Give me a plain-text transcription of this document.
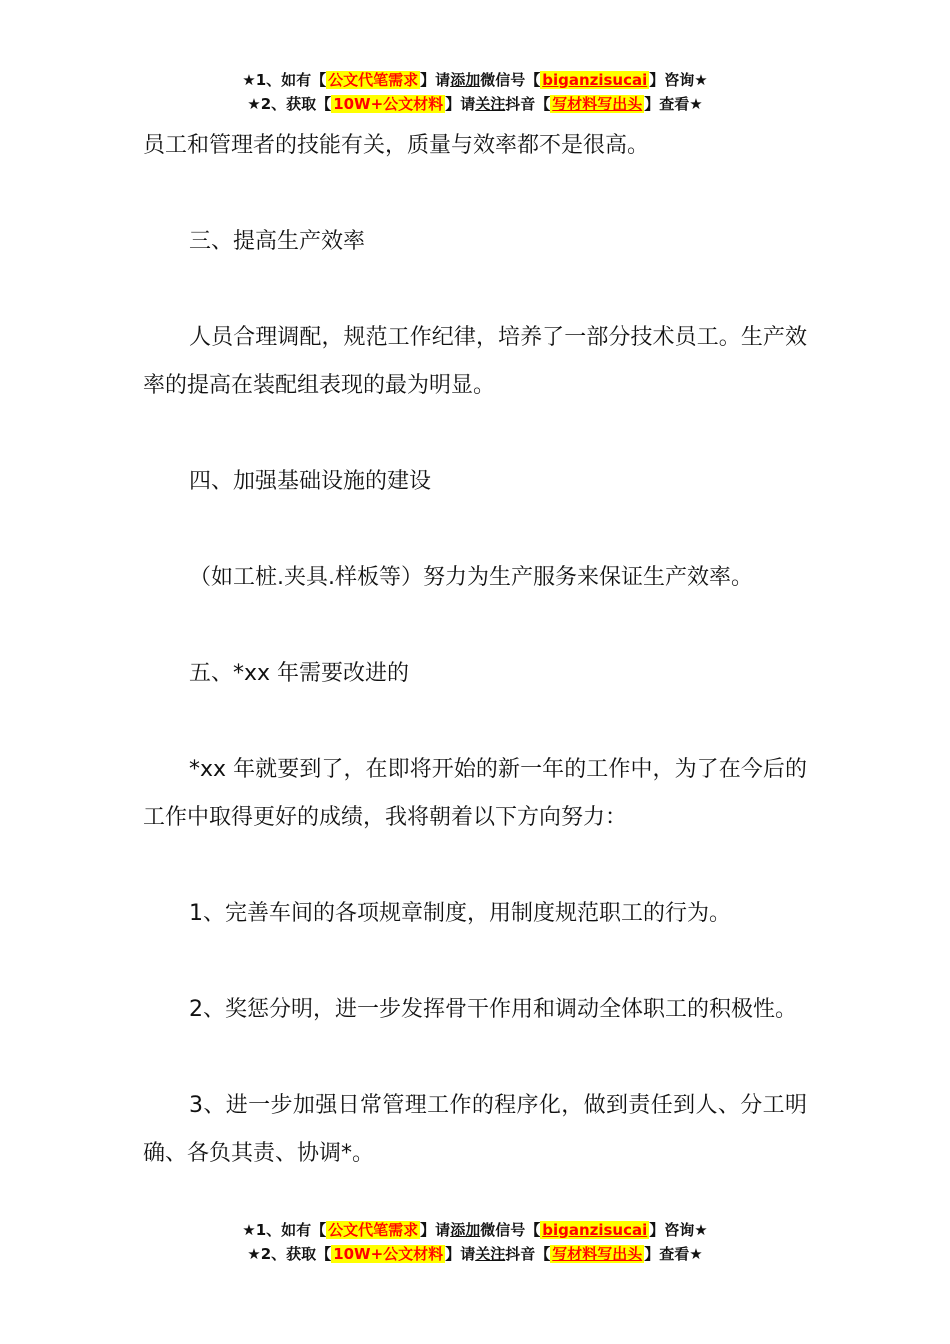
★1、如有【 公文代笔需求 】请添加微信号【 biganzisucai 】咨询★
★2、获取【 10W+公文材料 】请关注抖音【 写材料写出头 】查看★

员工和管理者的技能有关，质量与效率都不是很高。

三、提高生产效率

人员合理调配，规范工作纪律，培养了一部分技术员工。生产效率的提高在装配组表现的最为明显。

四、加强基础设施的建设

（如工桩.夹具.样板等）努力为生产服务来保证生产效率。

五、*xx 年需要改进的

*xx 年就要到了，在即将开始的新一年的工作中，为了在今后的工作中取得更好的成绩，我将朝着以下方向努力：

1、完善车间的各项规章制度，用制度规范职工的行为。

2、奖惩分明，进一步发挥骨干作用和调动全体职工的积极性。

3、进一步加强日常管理工作的程序化，做到责任到人、分工明确、各负其责、协调*。

★1、如有【 公文代笔需求 】请添加微信号【 biganzisucai 】咨询★
★2、获取【 10W+公文材料 】请关注抖音【 写材料写出头 】查看★
